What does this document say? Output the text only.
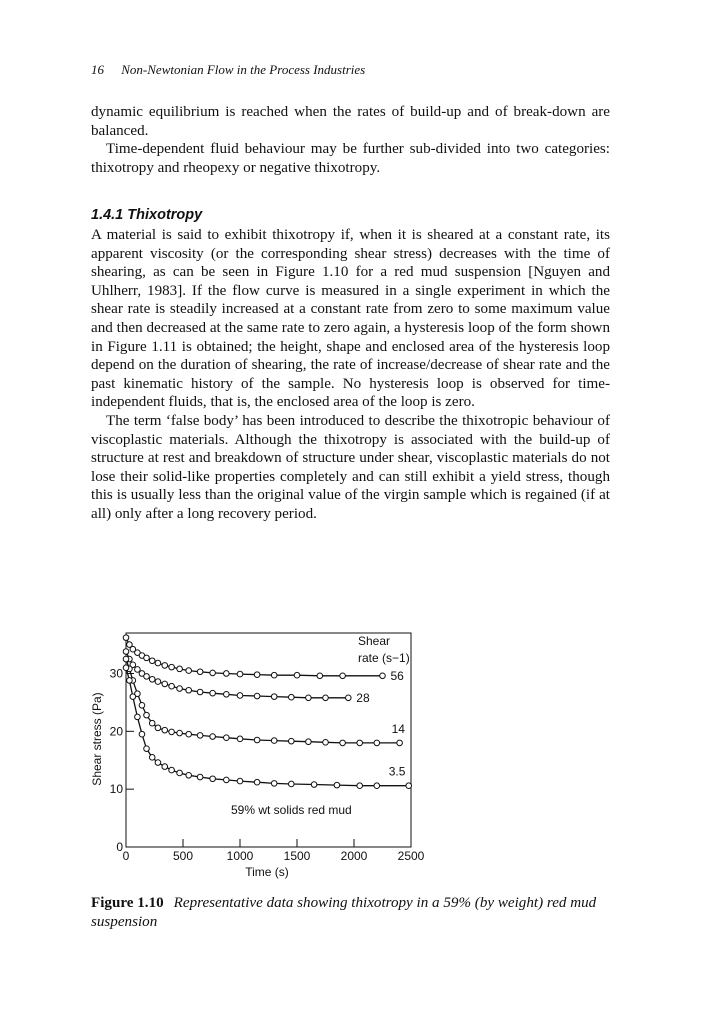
16 Non-Newtonian Flow in the Process Industries

dynamic equilibrium is reached when the rates of build-up and of break-down are balanced.

Time-dependent fluid behaviour may be further sub-divided into two categories: thixotropy and rheopexy or negative thixotropy.

1.4.1 Thixotropy

A material is said to exhibit thixotropy if, when it is sheared at a constant rate, its apparent viscosity (or the corresponding shear stress) decreases with the time of shearing, as can be seen in Figure 1.10 for a red mud suspension [Nguyen and Uhlherr, 1983]. If the flow curve is measured in a single experiment in which the shear rate is steadily increased at a constant rate from zero to some maximum value and then decreased at the same rate to zero again, a hysteresis loop of the form shown in Figure 1.11 is obtained; the height, shape and enclosed area of the hysteresis loop depend on the duration of shearing, the rate of increase/decrease of shear rate and the past kinematic history of the sample. No hysteresis loop is observed for time-independent fluids, that is, the enclosed area of the loop is zero.

The term ‘false body’ has been introduced to describe the thixotropic behaviour of viscoplastic materials. Although the thixotropy is associated with the build-up of structure at rest and breakdown of structure under shear, viscoplastic materials do not lose their solid-like properties completely and can still exhibit a yield stress, though this is usually less than the original value of the virgin sample which is regained (if at all) only after a long recovery period.

0
10
20
30
0	500	1000	1500	2000	2500
56
28
14
3.5
Shear
rate (s−1)
59% wt solids red mud
Time (s)
Shear stress (Pa)

Figure 1.10 Representative data showing thixotropy in a 59% (by weight) red mud suspension
